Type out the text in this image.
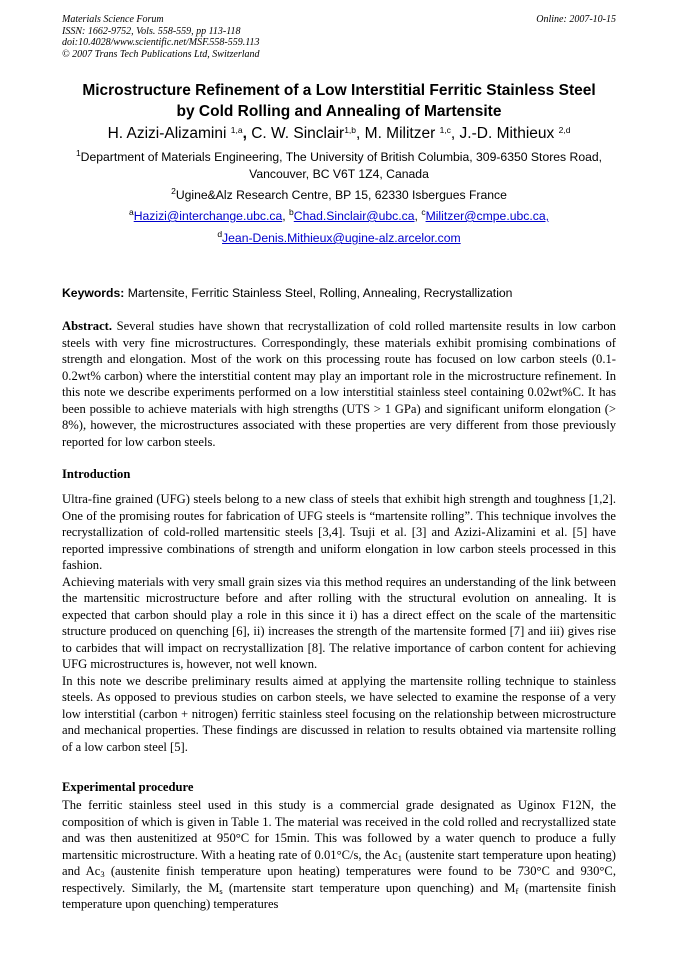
Materials Science Forum
ISSN: 1662-9752, Vols. 558-559, pp 113-118
doi:10.4028/www.scientific.net/MSF.558-559.113
© 2007 Trans Tech Publications Ltd, Switzerland
Online: 2007-10-15
Microstructure Refinement of a Low Interstitial Ferritic Stainless Steel
by Cold Rolling and Annealing of Martensite
H. Azizi-Alizamini $^{1,a}$, C. W. Sinclair$^{1,b}$, M. Militzer $^{1,c}$, J.-D. Mithieux $^{2,d}$
$^1$Department of Materials Engineering, The University of British Columbia, 309-6350 Stores Road,
Vancouver, BC V6T 1Z4, Canada
$^2$Ugine&Alz Research Centre, BP 15, 62330 Isbergues France
$^a$Hazizi@interchange.ubc.ca, $^b$Chad.Sinclair@ubc.ca, $^c$Militzer@cmpe.ubc.ca,
$^d$Jean-Denis.Mithieux@ugine-alz.arcelor.com
Keywords: Martensite, Ferritic Stainless Steel, Rolling, Annealing, Recrystallization

Abstract. Several studies have shown that recrystallization of cold rolled martensite results in low carbon steels with very fine microstructures. Correspondingly, these materials exhibit promising combinations of strength and elongation. Most of the work on this processing route has focused on low carbon steels (0.1-0.2wt% carbon) where the interstitial content may play an important role in the microstructure refinement. In this note we describe experiments performed on a low interstitial stainless steel containing 0.02wt%C. It has been possible to achieve materials with high strengths (UTS > 1 GPa) and significant uniform elongation (> 8%), however, the microstructures associated with these properties are very different from those previously reported for low carbon steels.

Introduction

Ultra-fine grained (UFG) steels belong to a new class of steels that exhibit high strength and toughness [1,2]. One of the promising routes for fabrication of UFG steels is “martensite rolling”. This technique involves the recrystallization of cold-rolled martensitic steels [3,4]. Tsuji et al. [3] and Azizi-Alizamini et al. [5] have reported impressive combinations of strength and uniform elongation in low carbon steels processed in this fashion.

Achieving materials with very small grain sizes via this method requires an understanding of the link between the martensitic microstructure before and after rolling with the structural evolution on annealing. It is expected that carbon should play a role in this since it i) has a direct effect on the scale of the martensitic structure produced on quenching [6], ii) increases the strength of the martensite formed [7] and iii) gives rise to carbides that will impact on recrystallization [8]. The relative importance of carbon content for achieving UFG microstructures is, however, not well known.

In this note we describe preliminary results aimed at applying the martensite rolling technique to stainless steels. As opposed to previous studies on carbon steels, we have selected to examine the response of a very low interstitial (carbon + nitrogen) ferritic stainless steel focusing on the relationship between microstructure and mechanical properties. These findings are discussed in relation to results obtained via martensite rolling of a low carbon steel [5].

Experimental procedure

The ferritic stainless steel used in this study is a commercial grade designated as Uginox F12N, the composition of which is given in Table 1. The material was received in the cold rolled and recrystallized state and was then austenitized at 950°C for 15min. This was followed by a water quench to produce a fully martensitic microstructure. With a heating rate of 0.01°C/s, the $Ac_1$ (austenite start temperature upon heating) and $Ac_3$ (austenite finish temperature upon heating) temperatures were found to be 730°C and 930°C, respectively. Similarly, the $M_s$ (martensite start temperature upon quenching) and $M_f$ (martensite finish temperature upon quenching) temperatures
